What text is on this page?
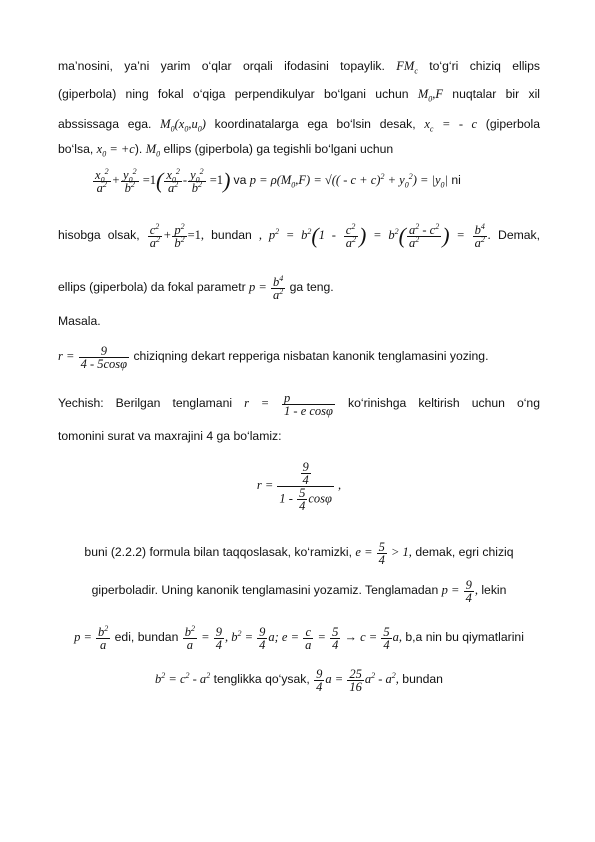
ma’nosini, ya’ni yarim o‘qlar orqali ifodasini topaylik. $FM_c$ to‘g‘ri chiziq ellips
(giperbola) ning fokal o‘qiga perpendikulyar bo‘lgani uchun $M_0,F$ nuqtalar bir xil
abssissaga ega. $M_0(x_0,u_0)$ koordinatalarga ega bo‘lsin desak, $x_c$ = - c (giperbola
bo‘lsa, $x_0 = +c$). $M_0$ ellips (giperbola) ga tegishli bo‘lgani uchun
$\frac{x_0^2}{a^2} + \frac{y_0^2}{b^2} =1( \frac{x_0^2}{a^2} - \frac{y_0^2}{b^2} =1)$ va $p = \rho(M_0,F)$ = √(( - $c + c)^2 + y_0^2) = |y_0|$ ni
hisobga olsak, $\frac{c^2}{a^2} + \frac{p^2}{b^2} =1$, bundan , $p^2 = b^2(1 - \frac{c^2}{a^2}$ ) = $b^2( \frac{a^2 - c^2}{a^2}$ ) = $\frac{b^4}{a^2}$ . Demak,
ellips (giperbola) da fokal parametr $p = \frac{b^4}{a^2}$ ga teng.
Masala.
$r = \frac{9}{4 - 5\cos\varphi}$ chiziqning dekart repperiga nisbatan kanonik tenglamasini yozing.
Yechish: Berilgan tenglamani $r = \frac{p}{\text{1 - e cosφ}}$ ko‘rinishga keltirish uchun o‘ng
tomonini surat va maxrajini 4 ga bo‘lamiz:
$r = \frac{\frac{9}{4}}{1 - \frac{5}{4} \cos\varphi}$ ,
buni (2.2.2) formula bilan taqqoslasak, ko‘ramizki, $e = \frac{5}{4} > 1$, demak, egri chiziq
giperboladir. Uning kanonik tenglamasini yozamiz. Tenglamadan $p = \frac{9}{4}$ , lekin
$p = \frac{b^2}{a}$ edi, bundan $\frac{b^2}{a} = \frac{9}{4}$ , $b^2 = \frac{9}{4} a$; $e = \frac{c}{a} = \frac{5}{4} \to c = \frac{5}{4} a$, b,a nin bu qiymatlarini
$b^2 = c^2 - a^2$ tenglikka qo‘ysak, $\frac{9}{4}$ $a = \frac{25}{16} a^2 - a^2$, bundan
